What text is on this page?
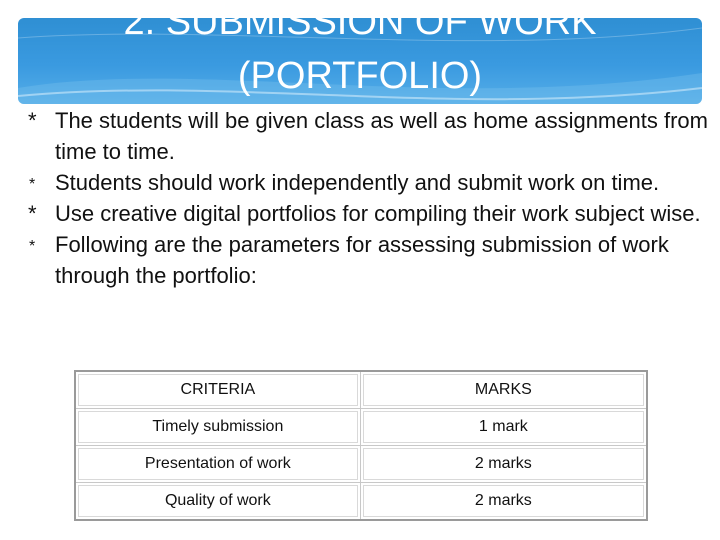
2. SUBMISSION OF WORK
(PORTFOLIO)
* The students will be given class as well as home assignments from time to time.
* Students should work independently and submit work on time.
* Use creative digital portfolios for compiling their work subject wise.
* Following are the parameters for assessing submission of work through the portfolio:
CRITERIA	MARKS
Timely submission	1 mark
Presentation of work	2 marks
Quality of work	2 marks
